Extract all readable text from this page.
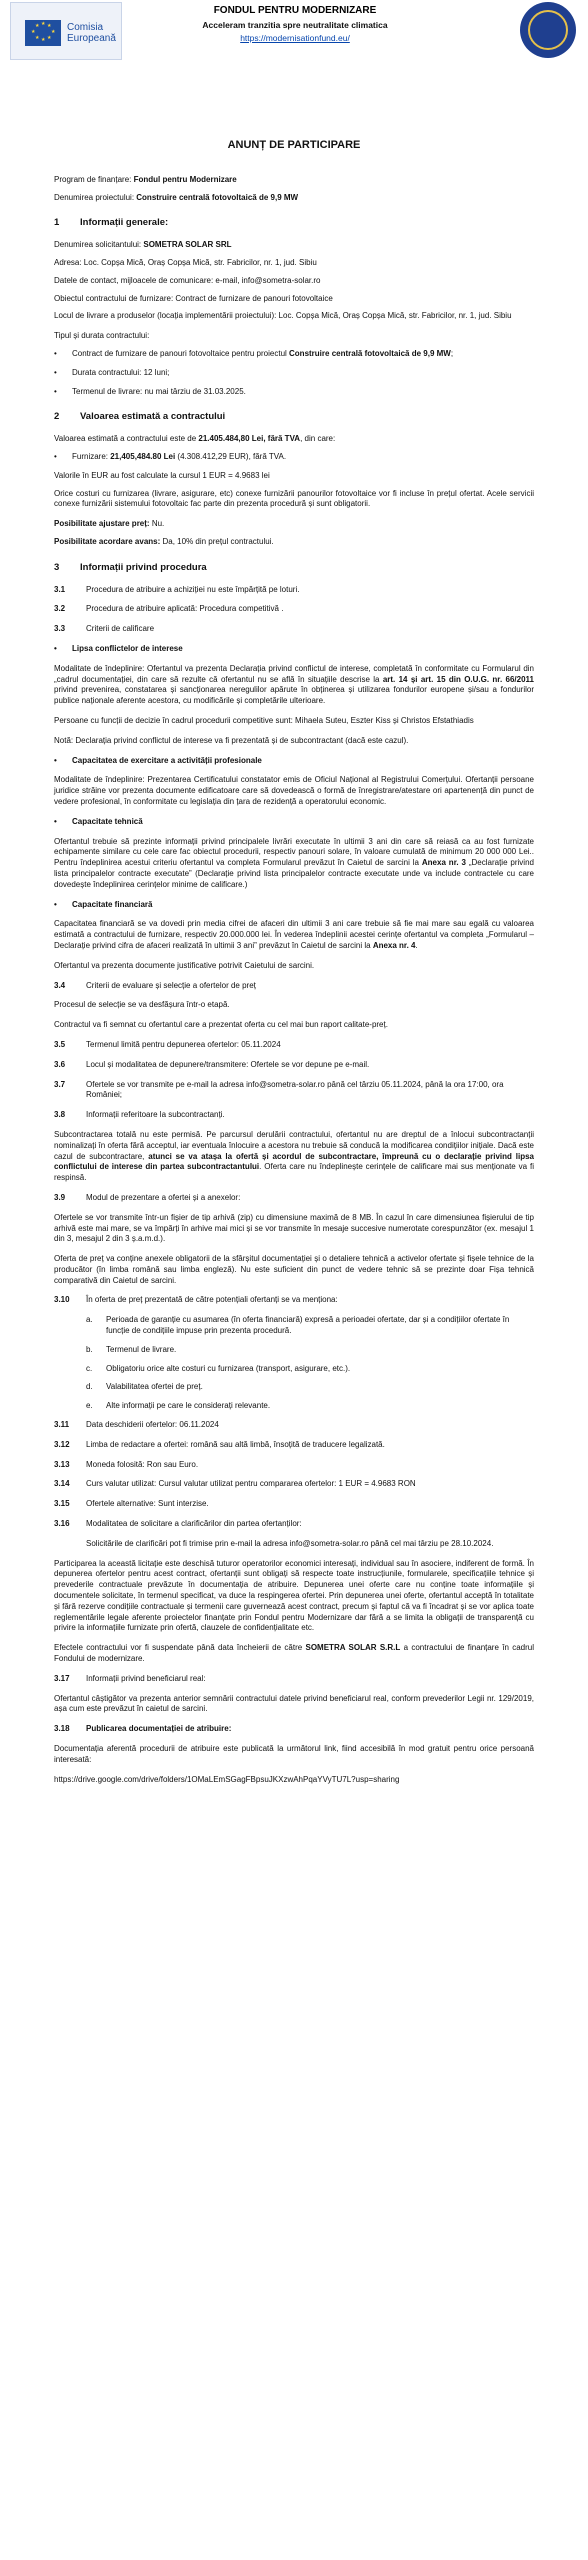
★ ★
★
★
★
★
★
★	Comisia
Europeană
FONDUL PENTRU MODERNIZARE
Acceleram tranzitia spre neutralitate climatica
https://modernisationfund.eu/
ANUNȚ DE PARTICIPARE

Program de finanțare: Fondul pentru Modernizare

Denumirea proiectului: Construire centrală fotovoltaică de 9,9 MW

1	Informații generale:

Denumirea solicitantului: SOMETRA SOLAR SRL

Adresa: Loc. Copșa Mică, Oraș Copșa Mică, str. Fabricilor, nr. 1, jud. Sibiu

Datele de contact, mijloacele de comunicare: e-mail, info@sometra-solar.ro

Obiectul contractului de furnizare: Contract de furnizare de panouri fotovoltaice

Locul de livrare a produselor (locația implementării proiectului): Loc. Copșa Mică, Oraș Copșa Mică, str. Fabricilor, nr. 1, jud. Sibiu

Tipul și durata contractului:

•	Contract de furnizare de panouri fotovoltaice pentru proiectul Construire centrală fotovoltaică de 9,9 MW;
•	Durata contractului: 12 luni;
•	Termenul de livrare: nu mai târziu de 31.03.2025.
2	Valoarea estimată a contractului

Valoarea estimată a contractului este de 21.405.484,80 Lei, fără TVA, din care:

•	Furnizare: 21,405,484.80 Lei (4.308.412,29 EUR), fără TVA.

Valorile în EUR au fost calculate la cursul 1 EUR = 4.9683 lei

Orice costuri cu furnizarea (livrare, asigurare, etc) conexe furnizării panourilor fotovoltaice vor fi incluse în prețul ofertat. Acele servicii conexe furnizării sistemului fotovoltaic fac parte din prezenta procedură și sunt obligatorii.

Posibilitate ajustare preț: Nu.

Posibilitate acordare avans: Da, 10% din prețul contractului.

3	Informații privind procedura
3.1	Procedura de atribuire a achiziției nu este împărțită pe loturi.
3.2	Procedura de atribuire aplicată: Procedura competitivă .
3.3	Criterii de calificare
•	Lipsa conflictelor de interese

Modalitate de îndeplinire: Ofertantul va prezenta Declarația privind conflictul de interese, completată în conformitate cu Formularul din „cadrul documentației, din care să rezulte că ofertantul nu se află în situațiile descrise la art. 14 și art. 15 din O.U.G. nr. 66/2011 privind prevenirea, constatarea și sancționarea neregulilor apărute în obținerea și utilizarea fondurilor europene și/sau a fondurilor publice naționale aferente acestora, cu modificările și completările ulterioare.

Persoane cu funcții de decizie în cadrul procedurii competitive sunt: Mihaela Suteu, Eszter Kiss și Christos Efstathiadis

Notă: Declarația privind conflictul de interese va fi prezentată și de subcontractant (dacă este cazul).

•	Capacitatea de exercitare a activității profesionale

Modalitate de îndeplinire: Prezentarea Certificatului constatator emis de Oficiul Național al Registrului Comerțului. Ofertanții persoane juridice străine vor prezenta documente edificatoare care să dovedească o formă de înregistrare/atestare ori apartenență din punct de vedere profesional, în conformitate cu legislația din țara de rezidență a operatorului economic.

•	Capacitate tehnică

Ofertantul trebuie să prezinte informații privind principalele livrări executate în ultimii 3 ani din care să reiasă ca au fost furnizate echipamente similare cu cele care fac obiectul procedurii, respectiv panouri solare, în valoare cumulată de minimum 20 000 000 Lei.. Pentru îndeplinirea acestui criteriu ofertantul va completa Formularul prevăzut în Caietul de sarcini la Anexa nr. 3 „Declarație privind lista principalelor contracte executate” (Declarație privind lista principalelor contracte executate unde va include contractele cu care dovedește îndeplinirea cerințelor minime de calificare.)

•	Capacitate financiară

Capacitatea financiară se va dovedi prin media cifrei de afaceri din ultimii 3 ani care trebuie să fie mai mare sau egală cu valoarea estimată a contractului de furnizare, respectiv 20.000.000 lei. În vederea îndeplinii acestei cerințe ofertantul va completa „Formularul – Declarație privind cifra de afaceri realizată în ultimii 3 ani” prevăzut în Caietul de sarcini la Anexa nr. 4.

Ofertantul va prezenta documente justificative potrivit Caietului de sarcini.

3.4	Criterii de evaluare și selecție a ofertelor de preț

Procesul de selecție se va desfășura într-o etapă.

Contractul va fi semnat cu ofertantul care a prezentat oferta cu cel mai bun raport calitate-preț.

3.5	Termenul limită pentru depunerea ofertelor: 05.11.2024
3.6	Locul și modalitatea de depunere/transmitere: Ofertele se vor depune pe e-mail.
3.7	Ofertele se vor transmite pe e-mail la adresa info@sometra-solar.ro până cel târziu 05.11.2024, până la ora 17:00, ora României;
3.8	Informații referitoare la subcontractanți.

Subcontractarea totală nu este permisă. Pe parcursul derulării contractului, ofertantul nu are dreptul de a înlocui subcontractanții nominalizați în oferta fără acceptul, iar eventuala înlocuire a acestora nu trebuie să conducă la modificarea condițiilor inițiale. Dacă este cazul de subcontractare, atunci se va atașa la ofertă și acordul de subcontractare, împreună cu o declarație privind lipsa conflictului de interese din partea subcontractantului. Oferta care nu îndeplinește cerințele de calificare mai sus menționate va fi respinsă.

3.9	Modul de prezentare a ofertei și a anexelor:

Ofertele se vor transmite într-un fișier de tip arhivă (zip) cu dimensiune maximă de 8 MB. În cazul în care dimensiunea fișierului de tip arhivă este mai mare, se va împărți în arhive mai mici și se vor transmite în mesaje succesive numerotate corespunzător (ex. mesajul 1 din 3, mesajul 2 din 3 ș.a.m.d.).

Oferta de preț va conține anexele obligatorii de la sfârșitul documentației și o detaliere tehnică a activelor ofertate și fișele tehnice de la producător (în limba română sau limba engleză). Nu este suficient din punct de vedere tehnic să se prezinte doar Fișa tehnică comparativă din Caietul de sarcini.

3.10	În oferta de preț prezentată de către potențiali ofertanți se va menționa:
a.	Perioada de garanție cu asumarea (în oferta financiară) expresă a perioadei ofertate, dar și a condițiilor ofertate în funcție de condițiile impuse prin prezenta procedură.
b.	Termenul de livrare.
c.	Obligatoriu orice alte costuri cu furnizarea (transport, asigurare, etc.).
d.	Valabilitatea ofertei de preț.
e.	Alte informații pe care le considerați relevante.
3.11	Data deschiderii ofertelor: 06.11.2024
3.12	Limba de redactare a ofertei: română sau altă limbă, însoțită de traducere legalizată.
3.13	Moneda folosită: Ron sau Euro.
3.14	Curs valutar utilizat: Cursul valutar utilizat pentru compararea ofertelor: 1 EUR = 4.9683 RON
3.15	Ofertele alternative: Sunt interzise.
3.16	Modalitatea de solicitare a clarificărilor din partea ofertanților:

Solicitările de clarificări pot fi trimise prin e-mail la adresa info@sometra-solar.ro până cel mai târziu pe 28.10.2024.

Participarea la această licitație este deschisă tuturor operatorilor economici interesați, individual sau în asociere, indiferent de formă. În depunerea ofertelor pentru acest contract, ofertanții sunt obligați să respecte toate instrucțiunile, formularele, specificațiile tehnice și prevederile contractuale prevăzute în documentația de atribuire. Depunerea unei oferte care nu conține toate informațiile și documentele solicitate, în termenul specificat, va duce la respingerea ofertei. Prin depunerea unei oferte, ofertantul acceptă în totalitate și fără rezerve condițiile contractuale și termenii care guvernează acest contract, precum și faptul că va fi încadrat și se vor aplica toate reglementările legale aferente proiectelor finanțate prin Fondul pentru Modernizare dar fără a se limita la obligații de transparență cu privire la informațiile furnizate prin ofertă, clauzele de confidențialitate etc.

Efectele contractului vor fi suspendate până data încheierii de către SOMETRA SOLAR S.R.L a contractului de finanțare în cadrul Fondului de modernizare.

3.17	Informații privind beneficiarul real:

Ofertantul câștigător va prezenta anterior semnării contractului datele privind beneficiarul real, conform prevederilor Legii nr. 129/2019, așa cum este prevăzut în caietul de sarcini.

3.18	Publicarea documentației de atribuire:

Documentația aferentă procedurii de atribuire este publicată la următorul link, fiind accesibilă în mod gratuit pentru orice persoană interesată:

https://drive.google.com/drive/folders/1OMaLEmSGagFBpsuJKXzwAhPqaYVyTU7L?usp=sharing
